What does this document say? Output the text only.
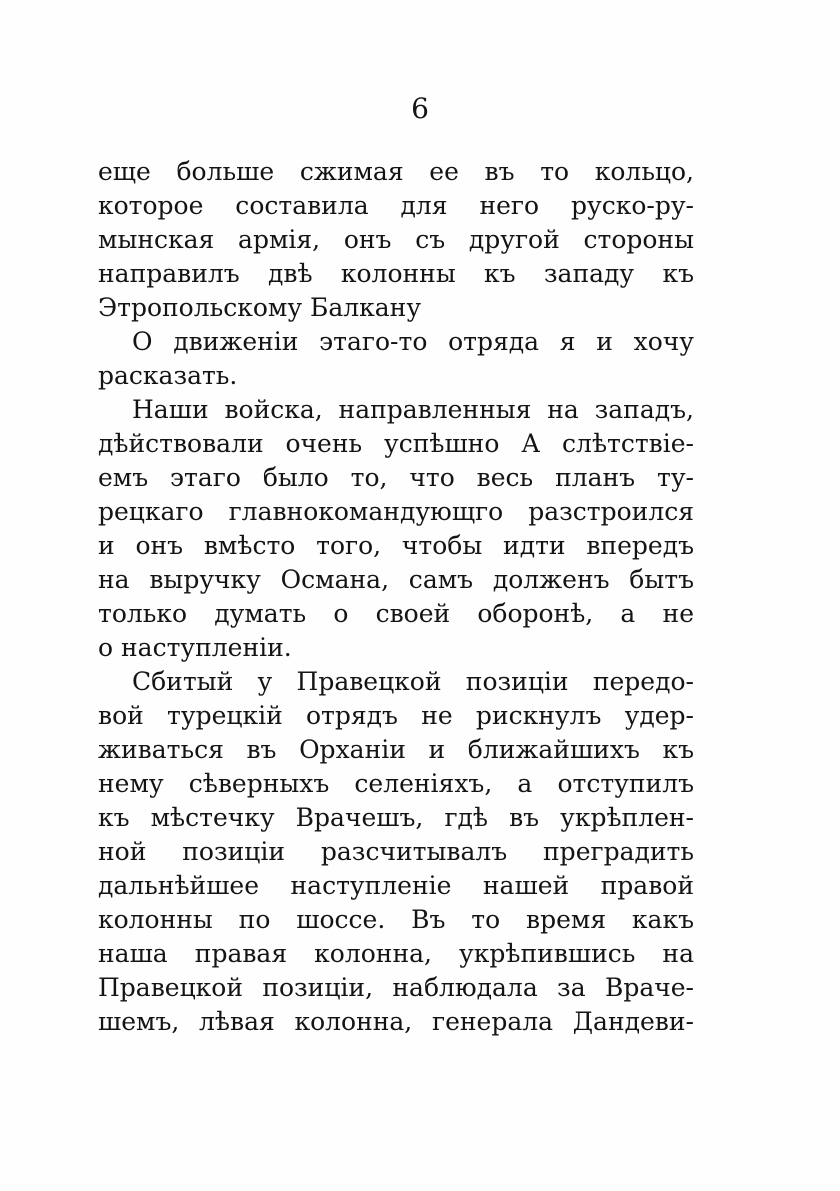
6
еще больше сжимая ее въ то кольцо,
которое составила для него руско-ру-
мынская армія, онъ съ другой стороны
направилъ двѣ колонны къ западу къ
Этропольскому Балкану
О движеніи этаго-то отряда я и хочу
расказать.
Наши войска, направленныя на западъ,
дѣйствовали очень успѣшно А слѣтствіе-
емъ этаго было то, что весь планъ ту-
рецкаго главнокомандующго разстроился
и онъ вмѣсто того, чтобы идти впередъ
на выручку Османа, самъ долженъ бытъ
только думать о своей оборонѣ, а не
о наступленіи.
Сбитый у Правецкой позиціи передо-
вой турецкій отрядъ не рискнулъ удер-
живаться въ Орханіи и ближайшихъ къ
нему сѣверныхъ селеніяхъ, а отступилъ
къ мѣстечку Врачешъ, гдѣ въ укрѣплен-
ной позиціи разсчитывалъ преградить
дальнѣйшее наступленіе нашей правой
колонны по шоссе. Въ то время какъ
наша правая колонна, укрѣпившись на
Правецкой позиціи, наблюдала за Враче-
шемъ, лѣвая колонна, генерала Дандеви-
